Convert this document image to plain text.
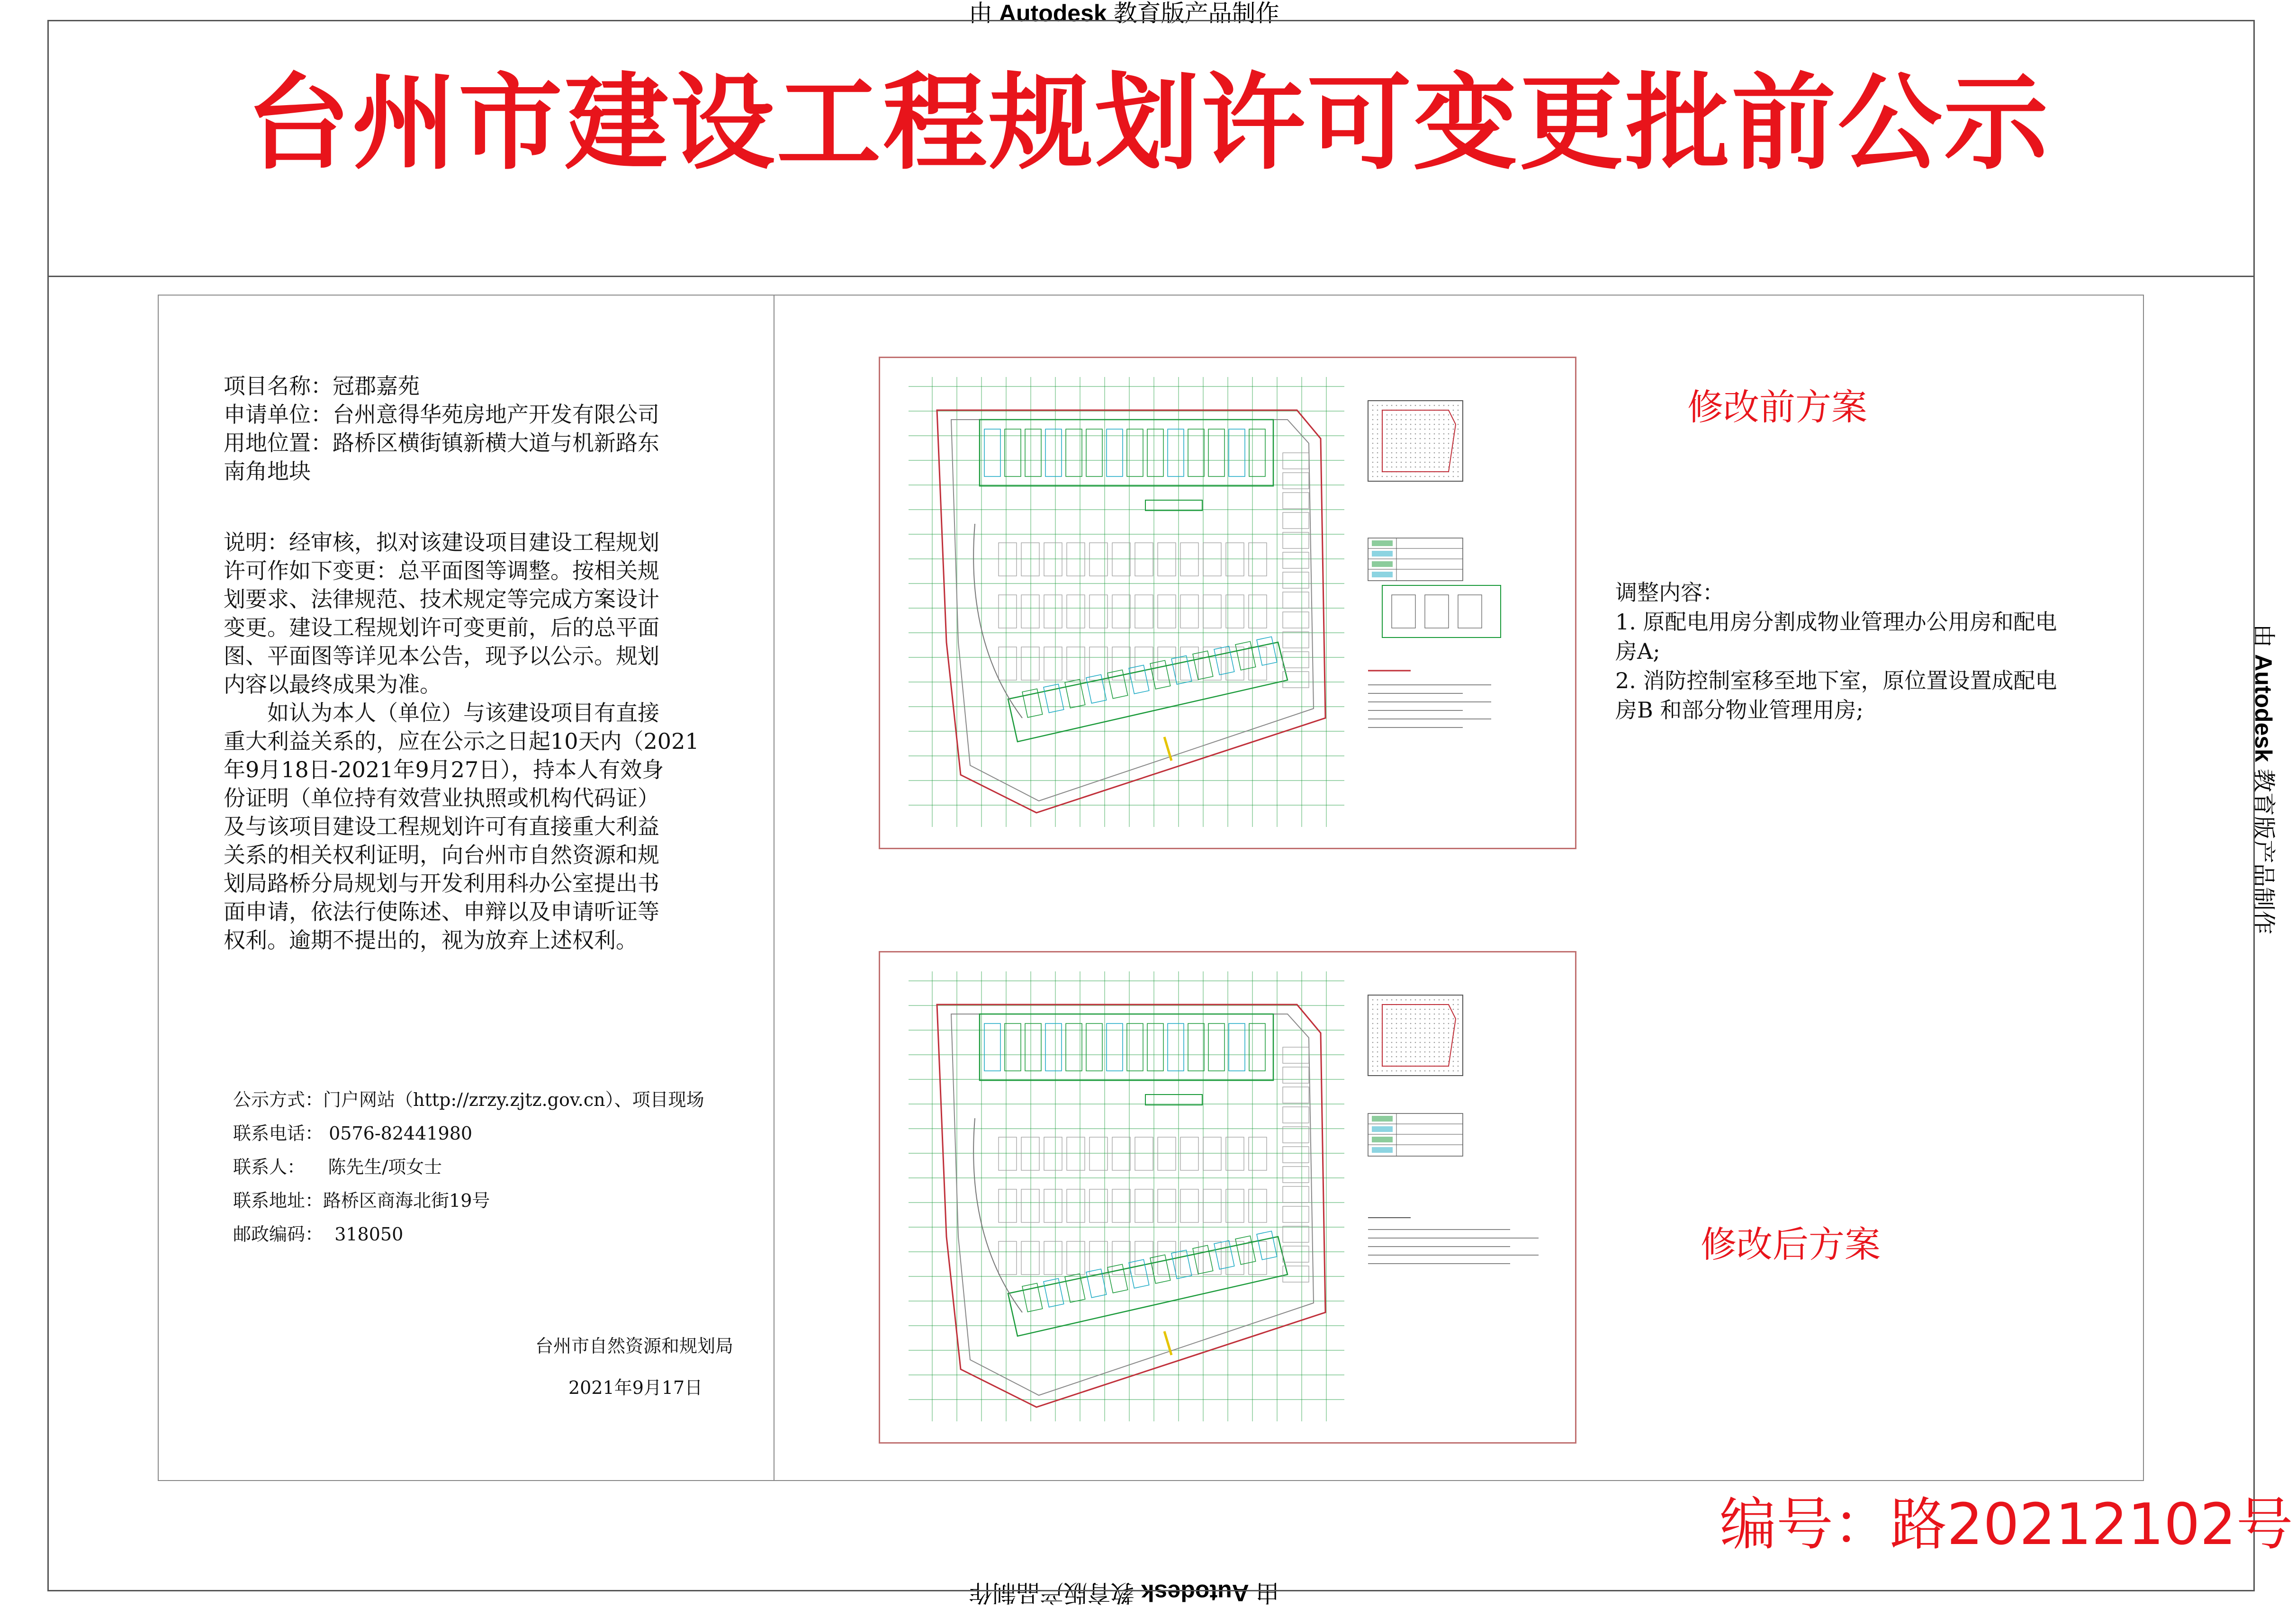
由 Autodesk 教育版产品制作
由 Autodesk 教育版产品制作
由 Autodesk 教育版产品制作
台州市建设工程规划许可变更批前公示

项目名称：冠郡嘉苑

申请单位：台州意得华苑房地产开发有限公司

用地位置：路桥区横街镇新横大道与机新路东

南角地块

说明：经审核，拟对该建设项目建设工程规划

许可作如下变更：总平面图等调整。按相关规

划要求、法律规范、技术规定等完成方案设计

变更。建设工程规划许可变更前，后的总平面

图、平面图等详见本公告，现予以公示。规划

内容以最终成果为准。

如认为本人（单位）与该建设项目有直接

重大利益关系的，应在公示之日起10天内（2021

年9月18日-2021年9月27日），持本人有效身

份证明（单位持有效营业执照或机构代码证）

及与该项目建设工程规划许可有直接重大利益

关系的相关权利证明，向台州市自然资源和规

划局路桥分局规划与开发利用科办公室提出书

面申请，依法行使陈述、申辩以及申请听证等

权利。逾期不提出的，视为放弃上述权利。

公示方式：门户网站（http://zrzy.zjtz.gov.cn）、项目现场

联系电话： 0576-82441980

联系人： 陈先生/项女士

联系地址：路桥区商海北街19号

邮政编码： 318050

台州市自然资源和规划局
2021年9月17日
修改前方案
修改后方案

调整内容：

1. 原配电用房分割成物业管理办公用房和配电

房A;

2. 消防控制室移至地下室，原位置设置成配电

房B 和部分物业管理用房;

编号：路20212102号
